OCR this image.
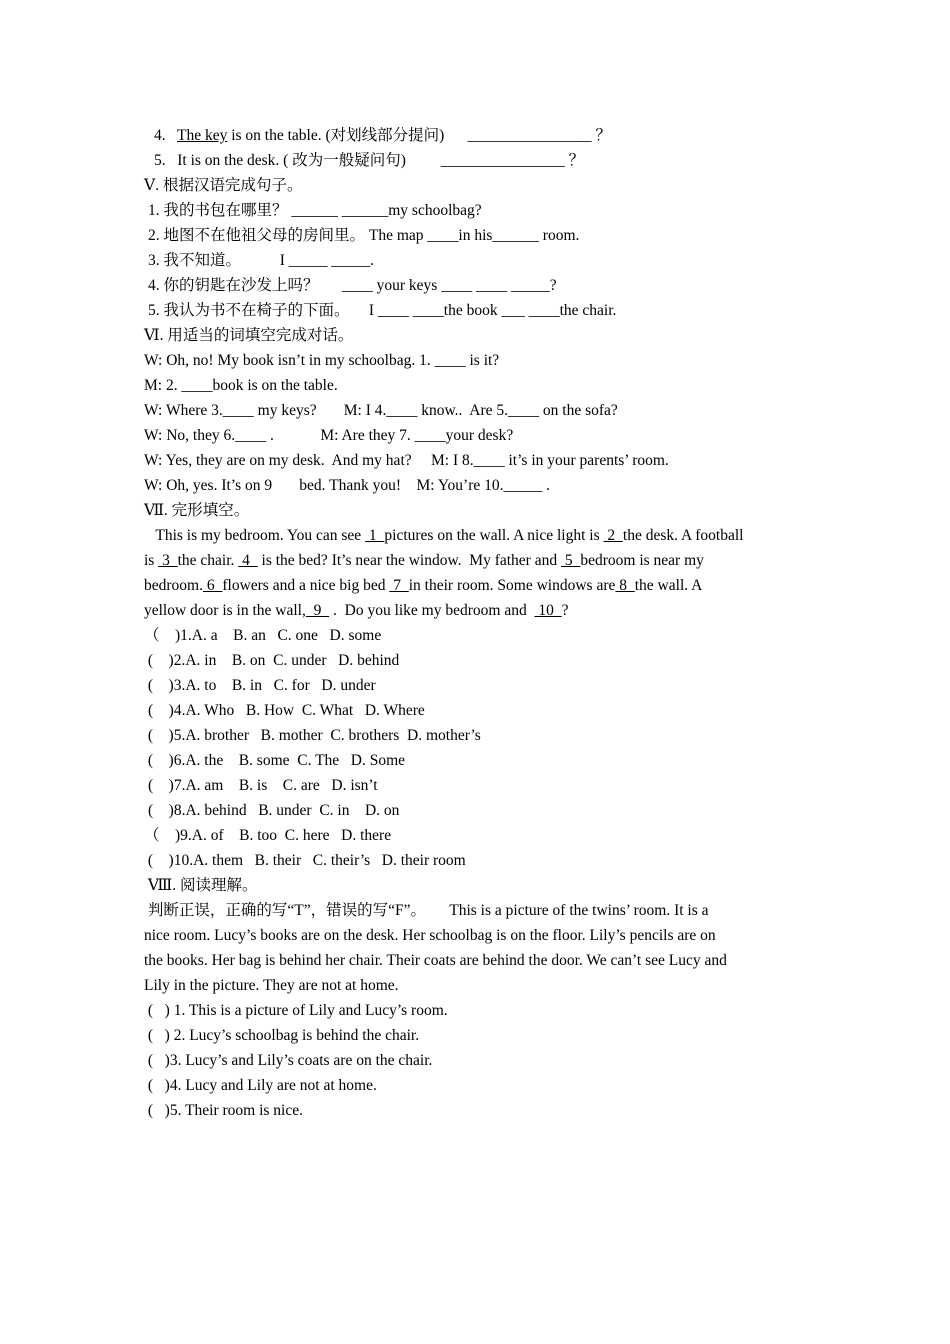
4.   The key is on the table. (对划线部分提问)      ________________ ？
5.   It is on the desk. ( 改为一般疑问句)         ________________ ？
Ⅴ. 根据汉语完成句子。
1. 我的书包在哪里？ ______ ______my schoolbag?
2. 地图不在他祖父母的房间里。 The map ____in his______ room.
3. 我不知道。          I _____ _____.
4. 你的钥匙在沙发上吗？      ____ your keys ____ ____ _____?
5. 我认为书不在椅子的下面。     I ____ ____the book ___ ____the chair.
Ⅵ. 用适当的词填空完成对话。
W: Oh, no! My book isn’t in my schoolbag. 1. ____ is it?
M: 2. ____book is on the table.
W: Where 3.____ my keys?       M: I 4.____ know..  Are 5.____ on the sofa?
W: No, they 6.____ .            M: Are they 7. ____your desk?
W: Yes, they are on my desk.  And my hat?     M: I 8.____ it’s in your parents’ room.
W: Oh, yes. It’s on 9       bed. Thank you!    M: You’re 10._____ .
Ⅶ. 完形填空。
This is my bedroom. You can see  1  pictures on the wall. A nice light is  2  the desk. A football
is  3  the chair.  4   is the bed? It’s near the window.  My father and  5  bedroom is near my
bedroom. 6  flowers and a nice big bed  7  in their room. Some windows are 8  the wall. A
yellow door is in the wall,  9   .  Do you like my bedroom and   10  ?
（    )1.A. a    B. an   C. one   D. some
(    )2.A. in    B. on  C. under   D. behind
(    )3.A. to    B. in   C. for   D. under
(    )4.A. Who   B. How  C. What   D. Where
(    )5.A. brother   B. mother  C. brothers  D. mother’s
(    )6.A. the    B. some  C. The   D. Some
(    )7.A. am    B. is    C. are   D. isn’t
(    )8.A. behind   B. under  C. in    D. on
（    )9.A. of    B. too  C. here   D. there
(    )10.A. them   B. their   C. their’s   D. their room
Ⅷ. 阅读理解。
判断正误，正确的写“T”，错误的写“F”。      This is a picture of the twins’ room. It is a
nice room. Lucy’s books are on the desk. Her schoolbag is on the floor. Lily’s pencils are on
the books. Her bag is behind her chair. Their coats are behind the door. We can’t see Lucy and
Lily in the picture. They are not at home.
(   ) 1. This is a picture of Lily and Lucy’s room.
(   ) 2. Lucy’s schoolbag is behind the chair.
(   )3. Lucy’s and Lily’s coats are on the chair.
(   )4. Lucy and Lily are not at home.
(   )5. Their room is nice.
